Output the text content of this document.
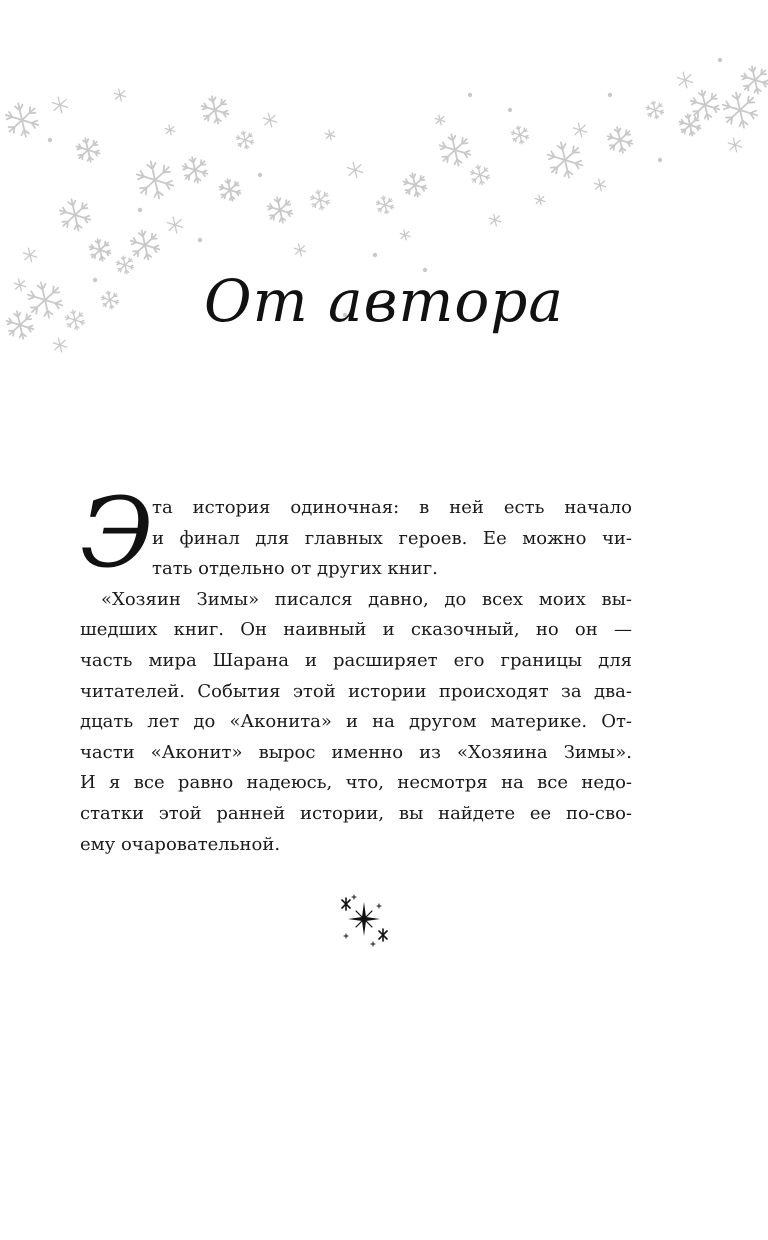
От автора
Э
та история одиночная: в ней есть начало
и финал для главных героев. Ее можно чи-
тать отдельно от других книг.
«Хозяин Зимы» писался давно, до всех моих вы-
шедших книг. Он наивный и сказочный, но он —
часть мира Шарана и расширяет его границы для
читателей. События этой истории происходят за два-
дцать лет до «Аконита» и на другом материке. От-
части «Аконит» вырос именно из «Хозяина Зимы».
И я все равно надеюсь, что, несмотря на все недо-
статки этой ранней истории, вы найдете ее по-сво-
ему очаровательной.
